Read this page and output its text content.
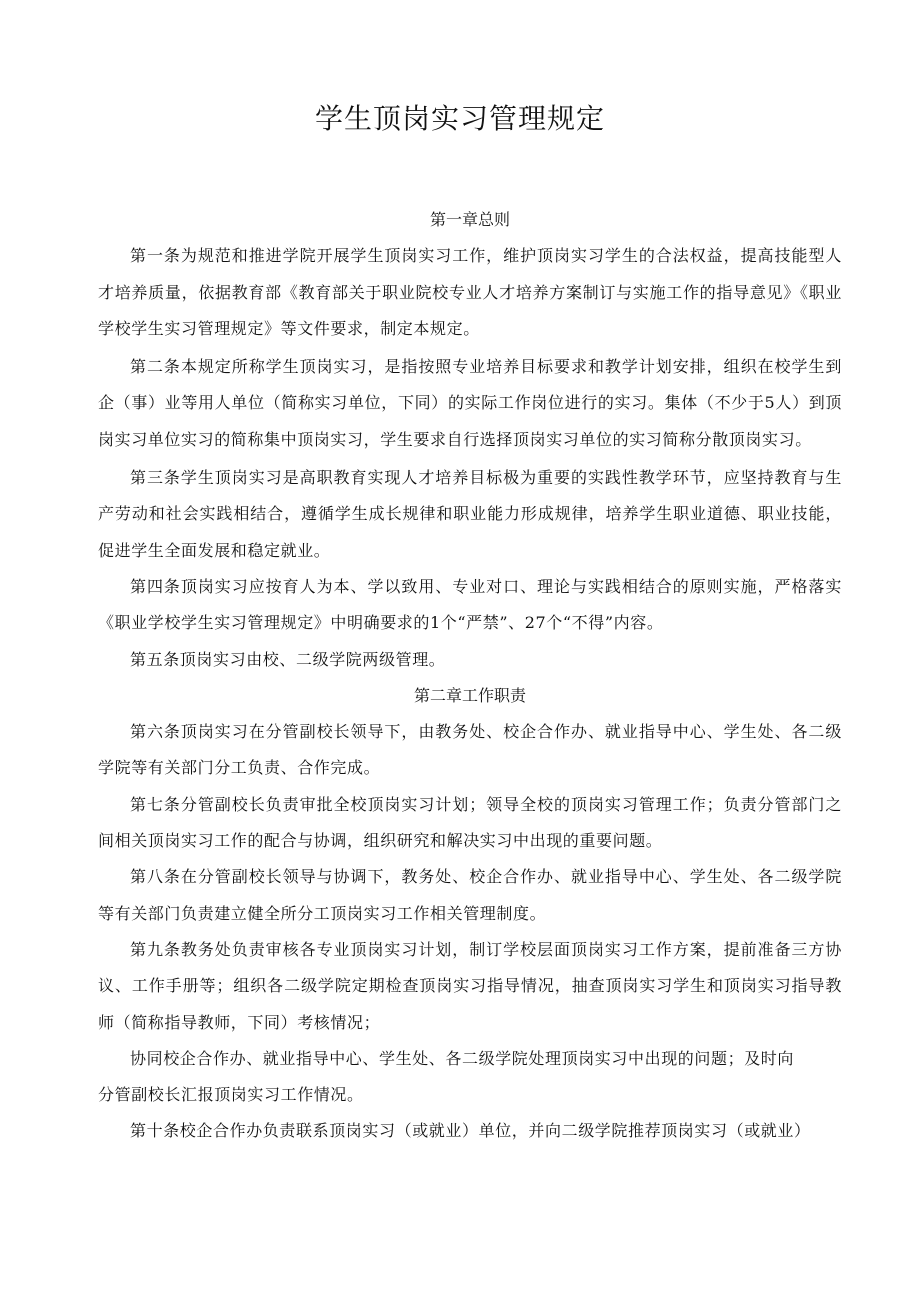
学生顶岗实习管理规定
第一章总则

第一条为规范和推进学院开展学生顶岗实习工作，维护顶岗实习学生的合法权益，提高技能型人才培养质量，依据教育部《教育部关于职业院校专业人才培养方案制订与实施工作的指导意见》《职业学校学生实习管理规定》等文件要求，制定本规定。

第二条本规定所称学生顶岗实习，是指按照专业培养目标要求和教学计划安排，组织在校学生到企（事）业等用人单位（简称实习单位，下同）的实际工作岗位进行的实习。集体（不少于5人）到顶岗实习单位实习的简称集中顶岗实习，学生要求自行选择顶岗实习单位的实习简称分散顶岗实习。

第三条学生顶岗实习是高职教育实现人才培养目标极为重要的实践性教学环节，应坚持教育与生产劳动和社会实践相结合，遵循学生成长规律和职业能力形成规律，培养学生职业道德、职业技能，促进学生全面发展和稳定就业。

第四条顶岗实习应按育人为本、学以致用、专业对口、理论与实践相结合的原则实施，严格落实《职业学校学生实习管理规定》中明确要求的1个“严禁”、27个“不得”内容。

第五条顶岗实习由校、二级学院两级管理。

第二章工作职责

第六条顶岗实习在分管副校长领导下，由教务处、校企合作办、就业指导中心、学生处、各二级学院等有关部门分工负责、合作完成。

第七条分管副校长负责审批全校顶岗实习计划；领导全校的顶岗实习管理工作；负责分管部门之间相关顶岗实习工作的配合与协调，组织研究和解决实习中出现的重要问题。

第八条在分管副校长领导与协调下，教务处、校企合作办、就业指导中心、学生处、各二级学院等有关部门负责建立健全所分工顶岗实习工作相关管理制度。

第九条教务处负责审核各专业顶岗实习计划，制订学校层面顶岗实习工作方案，提前准备三方协议、工作手册等；组织各二级学院定期检查顶岗实习指导情况，抽查顶岗实习学生和顶岗实习指导教师（简称指导教师，下同）考核情况；

协同校企合作办、就业指导中心、学生处、各二级学院处理顶岗实习中出现的问题；及时向

分管副校长汇报顶岗实习工作情况。

第十条校企合作办负责联系顶岗实习（或就业）单位，并向二级学院推荐顶岗实习（或就业）
